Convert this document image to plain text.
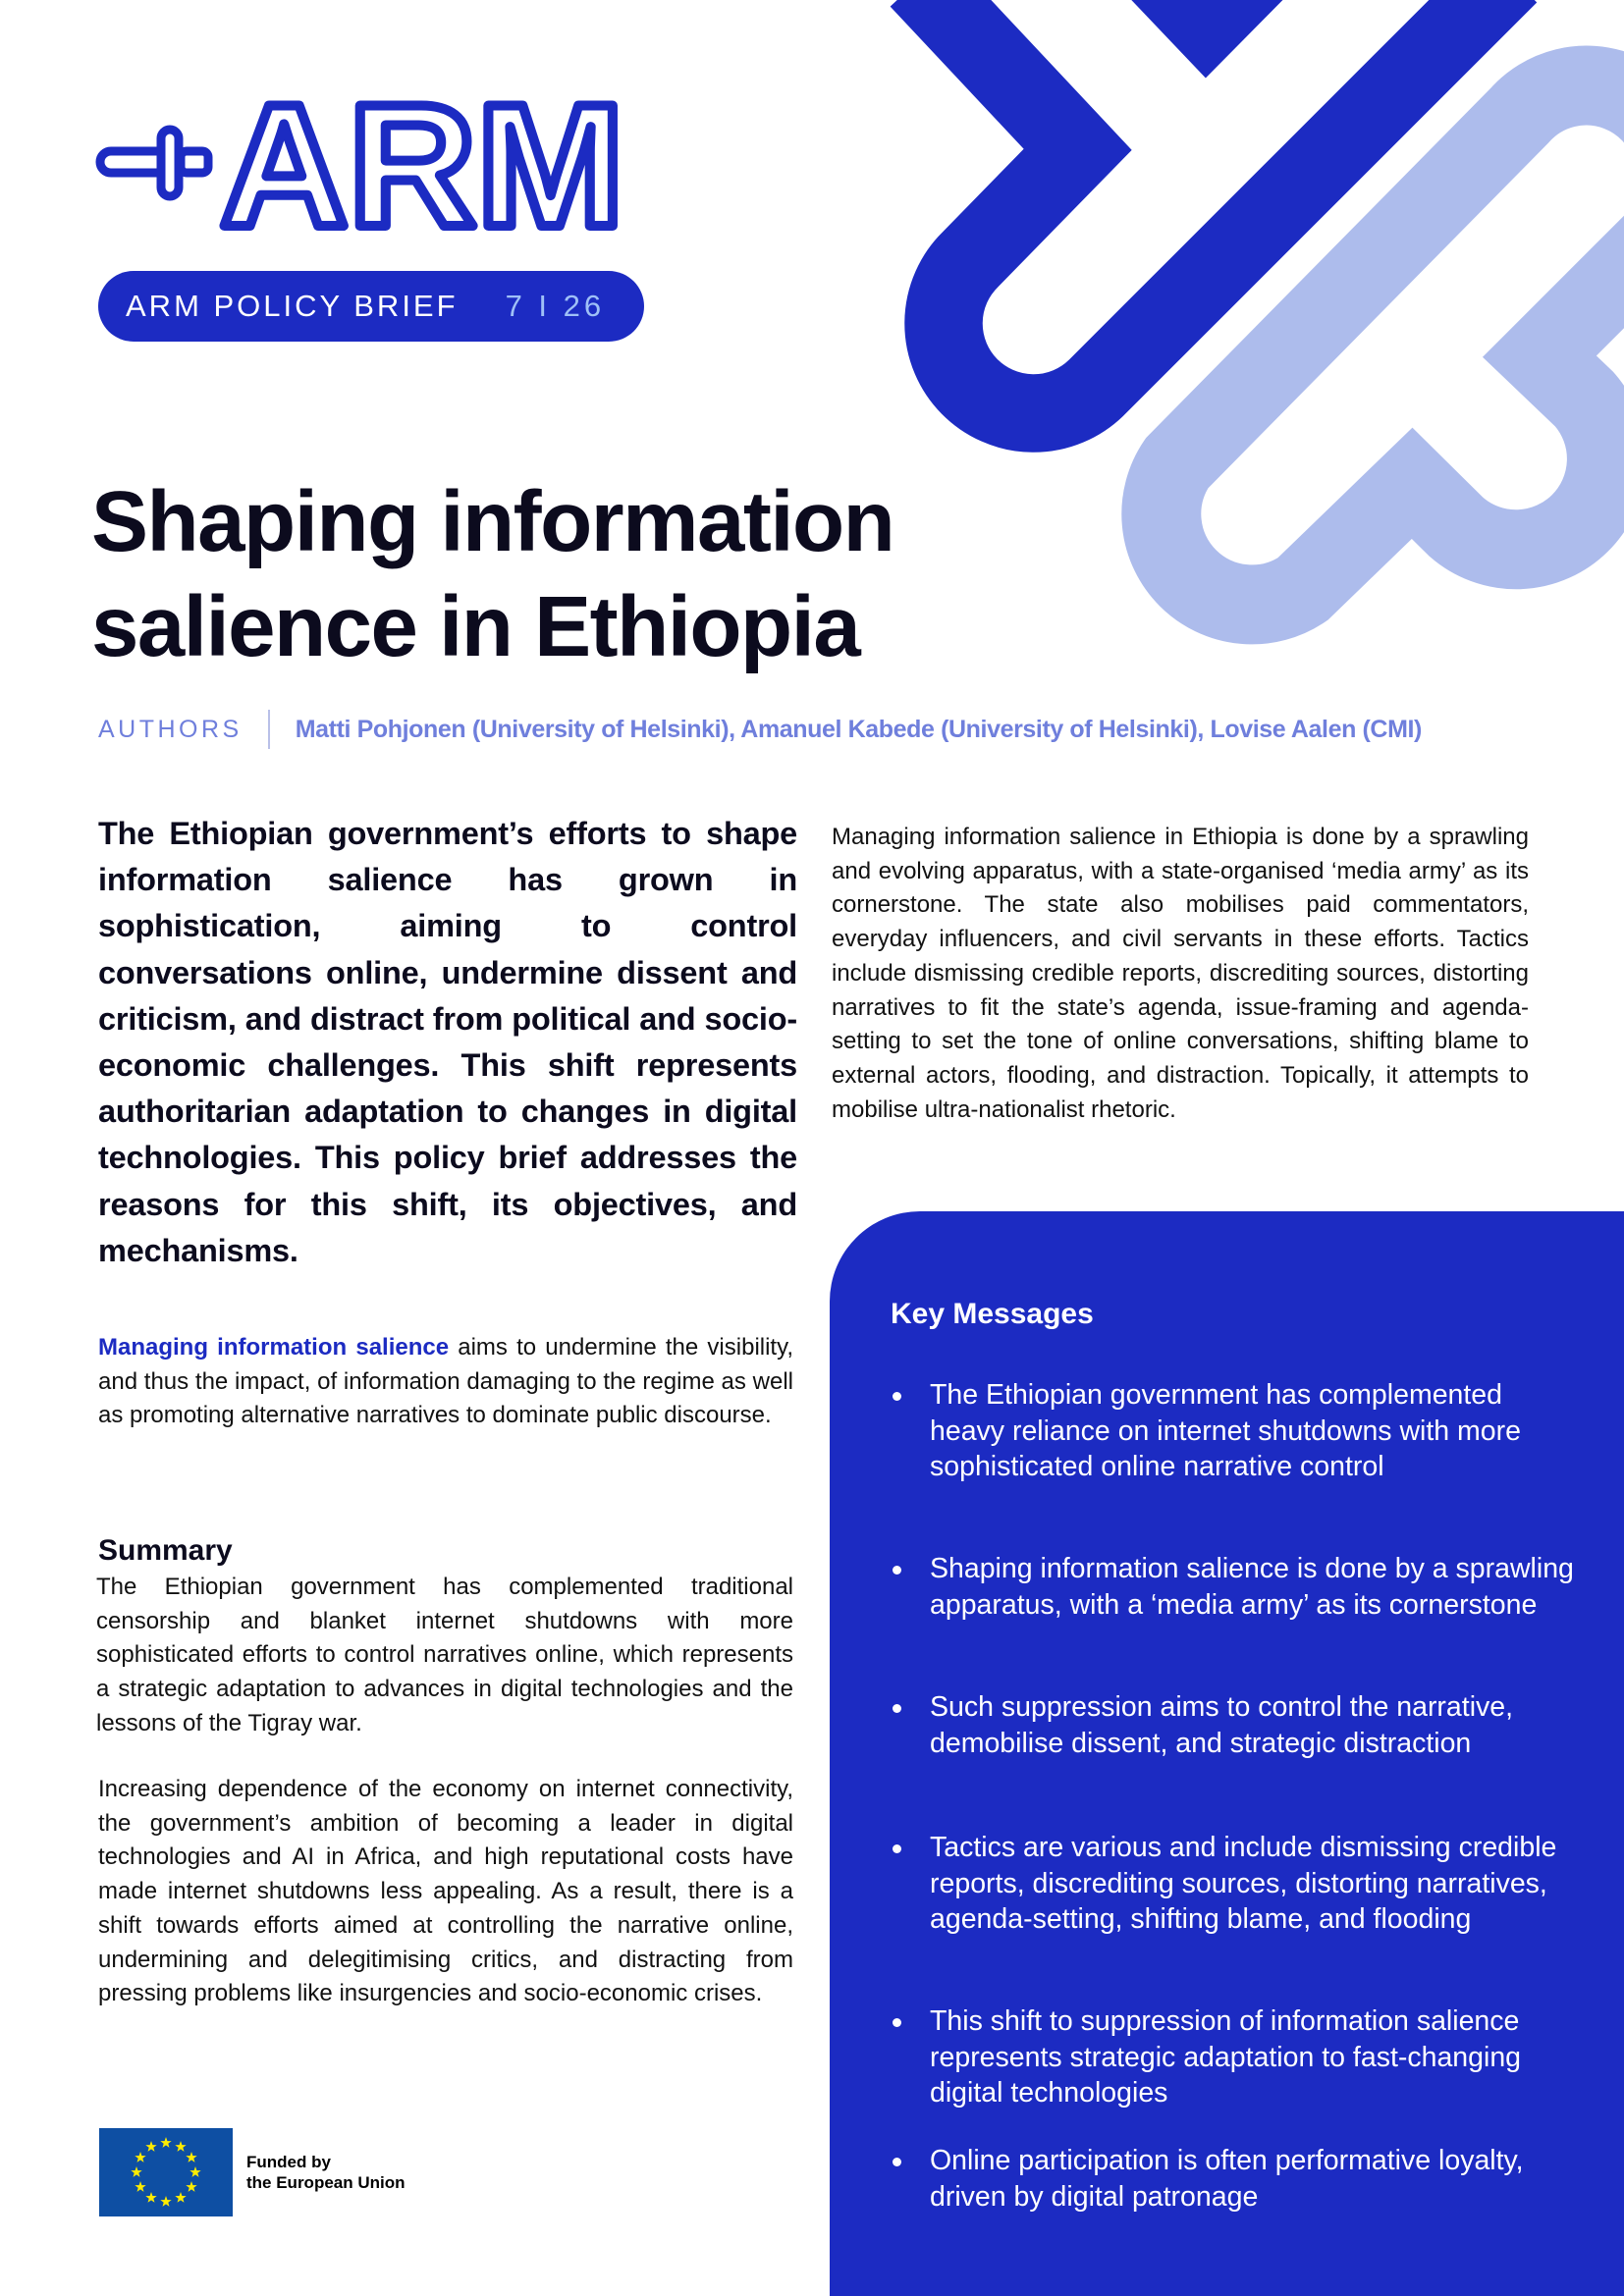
ARM
ARM POLICY BRIEF 7 I 26
Shaping information
salience in Ethiopia
AUTHORS Matti Pohjonen (University of Helsinki), Amanuel Kabede (University of Helsinki), Lovise Aalen (CMI)
The Ethiopian government’s efforts to shape information salience has grown in sophistication, aiming to control conversations online, undermine dissent and criticism, and distract from political and socio-economic challenges. This shift represents authoritarian adaptation to changes in digital technologies. This policy brief addresses the reasons for this shift, its objectives, and mechanisms.
Managing information salience in Ethiopia is done by a sprawling and evolving apparatus, with a state-organised ‘media army’ as its cornerstone. The state also mobilises paid commentators, everyday influencers, and civil servants in these efforts. Tactics include dismissing credible reports, discrediting sources, distorting narratives to fit the state’s agenda, issue-framing and agenda-setting to set the tone of online conversations, shifting blame to external actors, flooding, and distraction. Topically, it attempts to mobilise ultra-nationalist rhetoric.
Managing information salience aims to undermine the visibility, and thus the impact, of information damaging to the regime as well as promoting alternative narratives to dominate public discourse.
Summary
The Ethiopian government has complemented traditional censorship and blanket internet shutdowns with more sophisticated efforts to control narratives online, which represents a strategic adaptation to advances in digital technologies and the lessons of the Tigray war.
Increasing dependence of the economy on internet connectivity, the government’s ambition of becoming a leader in digital technologies and AI in Africa, and high reputational costs have made internet shutdowns less appealing. As a result, there is a shift towards efforts aimed at controlling the narrative online, undermining and delegitimising critics, and distracting from pressing problems like insurgencies and socio-economic crises.
Funded by
the European Union
Key Messages
The Ethiopian government has complemented heavy reliance on internet shutdowns with more sophisticated online narrative control
Shaping information salience is done by a sprawling apparatus, with a ‘media army’ as its cornerstone
Such suppression aims to control the narrative, demobilise dissent, and strategic distraction
Tactics are various and include dismissing credible reports, discrediting sources, distorting narratives, agenda-setting, shifting blame, and flooding
This shift to suppression of information salience represents strategic adaptation to fast-changing digital technologies
Online participation is often performative loyalty, driven by digital patronage
